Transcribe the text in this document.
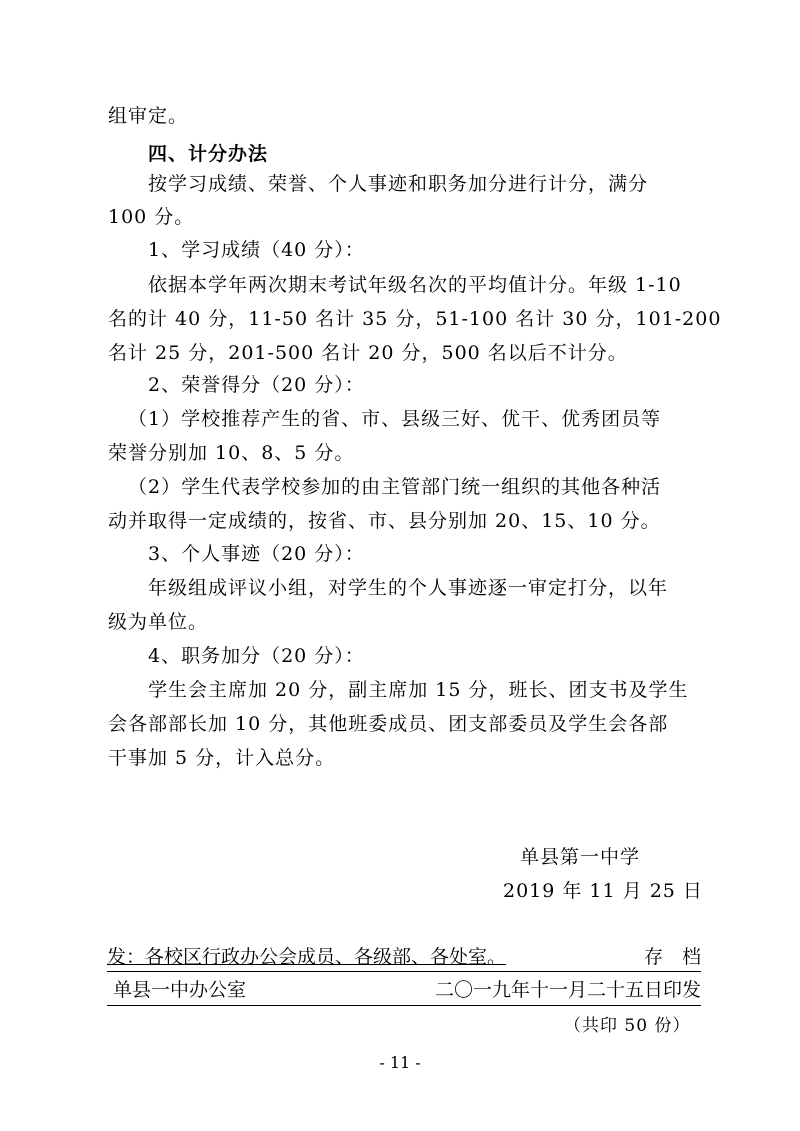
组审定。
四、计分办法
按学习成绩、荣誉、个人事迹和职务加分进行计分，满分
100 分。
1、学习成绩（40 分）：
依据本学年两次期末考试年级名次的平均值计分。年级 1-10
名的计 40 分，11-50 名计 35 分，51-100 名计 30 分，101-200
名计 25 分，201-500 名计 20 分，500 名以后不计分。
2、荣誉得分（20 分）：
（1）学校推荐产生的省、市、县级三好、优干、优秀团员等
荣誉分别加 10、8、5 分。
（2）学生代表学校参加的由主管部门统一组织的其他各种活
动并取得一定成绩的，按省、市、县分别加 20、15、10 分。
3、个人事迹（20 分）：
年级组成评议小组，对学生的个人事迹逐一审定打分，以年
级为单位。
4、职务加分（20 分）：
学生会主席加 20 分，副主席加 15 分，班长、团支书及学生
会各部部长加 10 分，其他班委成员、团支部委员及学生会各部
干事加 5 分，计入总分。
单县第一中学
2019 年 11 月 25 日
发：各校区行政办公会成员、各级部、各处室。	存　档
单县一中办公室	二〇一九年十一月二十五日印发
（共印 50 份）
- 11 -
